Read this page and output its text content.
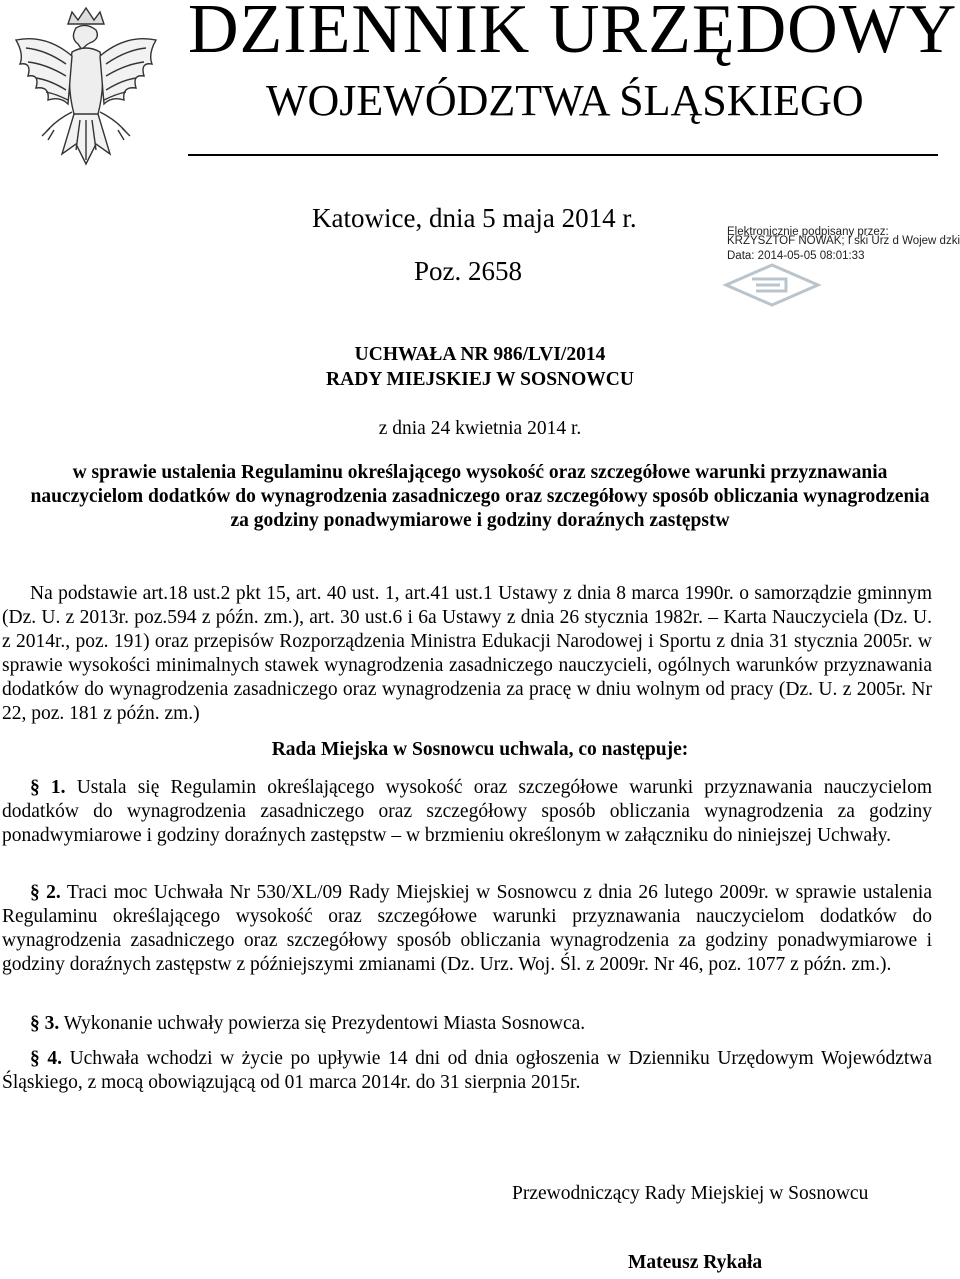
DZIENNIK URZĘDOWY
WOJEWÓDZTWA ŚLĄSKIEGO
Katowice, dnia 5 maja 2014 r.
Poz. 2658
Elektronicznie podpisany przez:
KRZYSZTOF NOWAK; I ski Urz d Wojew dzki
Data: 2014-05-05 08:01:33
UCHWAŁA NR 986/LVI/2014
RADY MIEJSKIEJ W SOSNOWCU
z dnia 24 kwietnia 2014 r.
w sprawie ustalenia Regulaminu określającego wysokość oraz szczegółowe warunki przyznawania nauczycielom dodatków do wynagrodzenia zasadniczego oraz szczegółowy sposób obliczania wynagrodzenia za godziny ponadwymiarowe i godziny doraźnych zastępstw
Na podstawie art.18 ust.2 pkt 15, art. 40 ust. 1, art.41 ust.1 Ustawy z dnia 8 marca 1990r. o samorządzie gminnym (Dz. U. z 2013r. poz.594 z późn. zm.), art. 30 ust.6 i 6a Ustawy z dnia 26 stycznia 1982r. – Karta Nauczyciela (Dz. U. z 2014r., poz. 191) oraz przepisów Rozporządzenia Ministra Edukacji Narodowej i Sportu z dnia 31 stycznia 2005r. w sprawie wysokości minimalnych stawek wynagrodzenia zasadniczego nauczycieli, ogólnych warunków przyznawania dodatków do wynagrodzenia zasadniczego oraz wynagrodzenia za pracę w dniu wolnym od pracy (Dz. U. z 2005r. Nr 22, poz. 181 z późn. zm.)
Rada Miejska w Sosnowcu uchwala, co następuje:
§ 1. Ustala się Regulamin określającego wysokość oraz szczegółowe warunki przyznawania nauczycielom dodatków do wynagrodzenia zasadniczego oraz szczegółowy sposób obliczania wynagrodzenia za godziny ponadwymiarowe i godziny doraźnych zastępstw – w brzmieniu określonym w załączniku do niniejszej Uchwały.
§ 2. Traci moc Uchwała Nr 530/XL/09 Rady Miejskiej w Sosnowcu z dnia 26 lutego 2009r. w sprawie ustalenia Regulaminu określającego wysokość oraz szczegółowe warunki przyznawania nauczycielom dodatków do wynagrodzenia zasadniczego oraz szczegółowy sposób obliczania wynagrodzenia za godziny ponadwymiarowe i godziny doraźnych zastępstw z późniejszymi zmianami (Dz. Urz. Woj. Śl. z 2009r. Nr 46, poz. 1077 z późn. zm.).
§ 3. Wykonanie uchwały powierza się Prezydentowi Miasta Sosnowca.
§ 4. Uchwała wchodzi w życie po upływie 14 dni od dnia ogłoszenia w Dzienniku Urzędowym Województwa Śląskiego, z mocą obowiązującą od 01 marca 2014r. do 31 sierpnia 2015r.
Przewodniczący Rady Miejskiej w Sosnowcu
Mateusz Rykała
